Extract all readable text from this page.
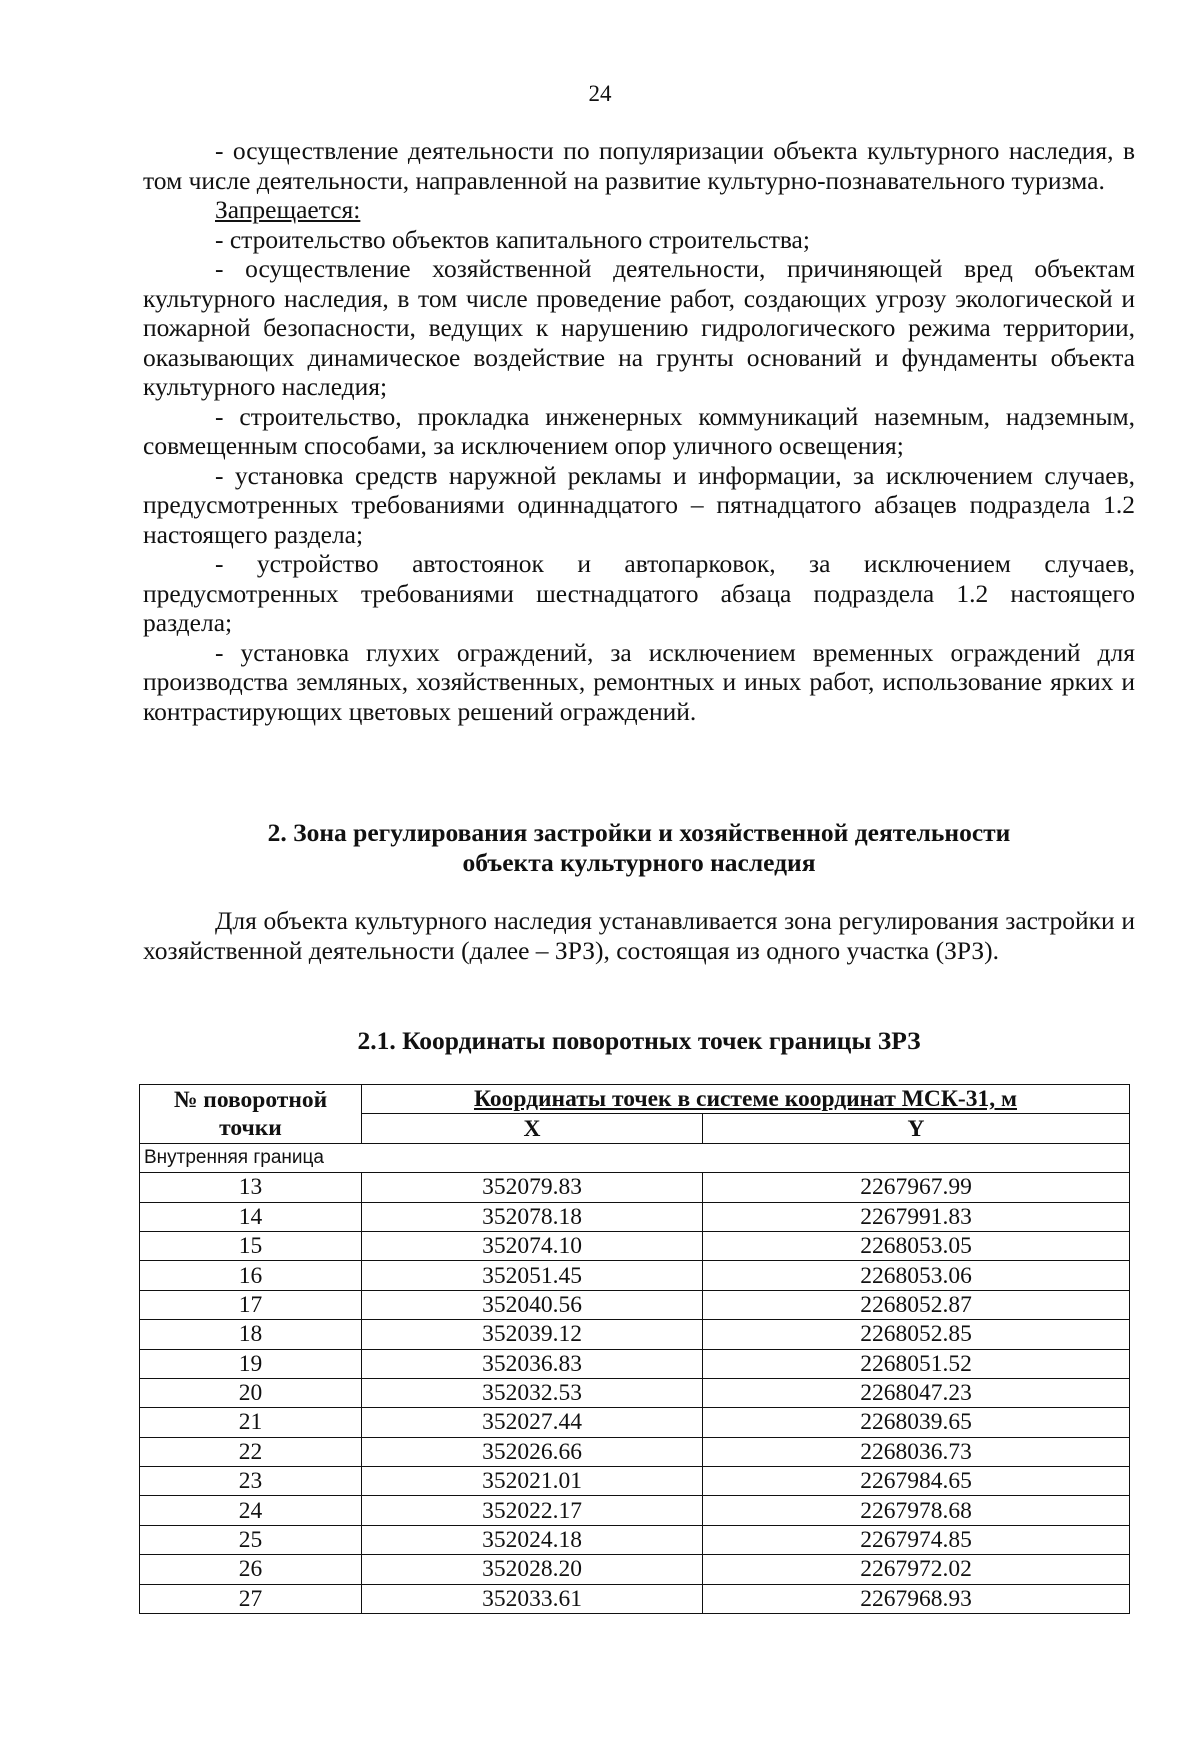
24

- осуществление деятельности по популяризации объекта культурного наследия, в том числе деятельности, направленной на развитие культурно-познавательного туризма.

Запрещается:

- строительство объектов капитального строительства;

- осуществление хозяйственной деятельности, причиняющей вред объектам культурного наследия, в том числе проведение работ, создающих угрозу экологической и пожарной безопасности, ведущих к нарушению гидрологического режима территории, оказывающих динамическое воздействие на грунты оснований и фундаменты объекта культурного наследия;

- строительство, прокладка инженерных коммуникаций наземным, надземным, совмещенным способами, за исключением опор уличного освещения;

- установка средств наружной рекламы и информации, за исключением случаев, предусмотренных требованиями одиннадцатого – пятнадцатого абзацев подраздела 1.2 настоящего раздела;

- устройство автостоянок и автопарковок, за исключением случаев, предусмотренных требованиями шестнадцатого абзаца подраздела 1.2 настоящего раздела;

- установка глухих ограждений, за исключением временных ограждений для производства земляных, хозяйственных, ремонтных и иных работ, использование ярких и контрастирующих цветовых решений ограждений.

2. Зона регулирования застройки и хозяйственной деятельности
объекта культурного наследия

Для объекта культурного наследия устанавливается зона регулирования застройки и хозяйственной деятельности (далее – ЗРЗ), состоящая из одного участка (ЗРЗ).

2.1. Координаты поворотных точек границы ЗРЗ
№ поворотной точки	Координаты точек в системе координат МСК-31, м	
	X	Y
Внутренняя граница		
13	352079.83	2267967.99
14	352078.18	2267991.83
15	352074.10	2268053.05
16	352051.45	2268053.06
17	352040.56	2268052.87
18	352039.12	2268052.85
19	352036.83	2268051.52
20	352032.53	2268047.23
21	352027.44	2268039.65
22	352026.66	2268036.73
23	352021.01	2267984.65
24	352022.17	2267978.68
25	352024.18	2267974.85
26	352028.20	2267972.02
27	352033.61	2267968.93
